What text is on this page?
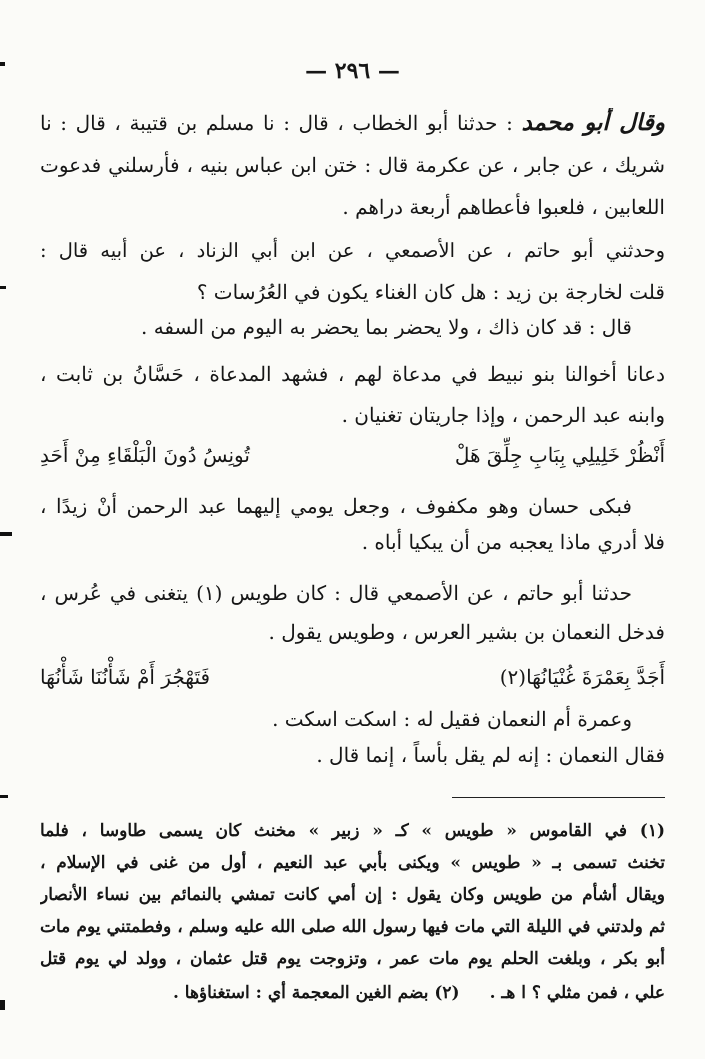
— ٢٩٦ —
وقال أبو محمد : حدثنا أبو الخطاب ، قال : نا مسلم بن قتيبة ، قال : نا
شريك ، عن جابر ، عن عكرمة قال : ختن ابن عباس بنيه ، فأرسلني فدعوت
اللعابين ، فلعبوا فأعطاهم أربعة دراهم .
وحدثني أبو حاتم ، عن الأصمعي ، عن ابن أبي الزناد ، عن أبيه قال :
قلت لخارجة بن زيد : هل كان الغناء يكون في العُرُسات ؟
قال : قد كان ذاك ، ولا يحضر بما يحضر به اليوم من السفه .
دعانا أخوالنا بنو نبيط في مدعاة لهم ، فشهد المدعاة ، حَسَّانُ بن ثابت ،
وابنه عبد الرحمن ، وإذا جاريتان تغنيان .
أَنْظُرْ خَلِيلِي بِبَابِ جِلِّقَ هَلْ
تُونِسُ دُونَ الْبَلْقَاءِ مِنْ أَحَدِ
فبكى حسان وهو مكفوف ، وجعل يومي إليهما عبد الرحمن أنْ زيدًا ،
فلا أدري ماذا يعجبه من أن يبكيا أباه .
حدثنا أبو حاتم ، عن الأصمعي قال : كان طويس (١) يتغنى في عُرس ،
فدخل النعمان بن بشير العرس ، وطويس يقول .
أَجَدَّ بِعَمْرَةَ غُنْيَانُهَا(٢)
فَتَهْجُرَ أَمْ شَأْنُنَا شَأْنُهَا
وعمرة أم النعمان فقيل له : اسكت اسكت .
فقال النعمان : إنه لم يقل بأساً ، إنما قال .
(١) في القاموس « طويس » كـ « زبير » مخنث كان يسمى طاوسا ، فلما
تخنث تسمى بـ « طويس » ويكنى بأبي عبد النعيم ، أول من غنى في الإسلام ،
ويقال أشأم من طويس وكان يقول : إن أمي كانت تمشي بالنمائم بين نساء الأنصار
ثم ولدتني في الليلة التي مات فيها رسول الله صلى الله عليه وسلم ، وفطمتني يوم مات
أبو بكر ، وبلغت الحلم يوم مات عمر ، وتزوجت يوم قتل عثمان ، وولد لي يوم قتل
علي ، فمن مثلي ؟ ا هـ .(٢) بضم الغين المعجمة أي : استغناؤها .
